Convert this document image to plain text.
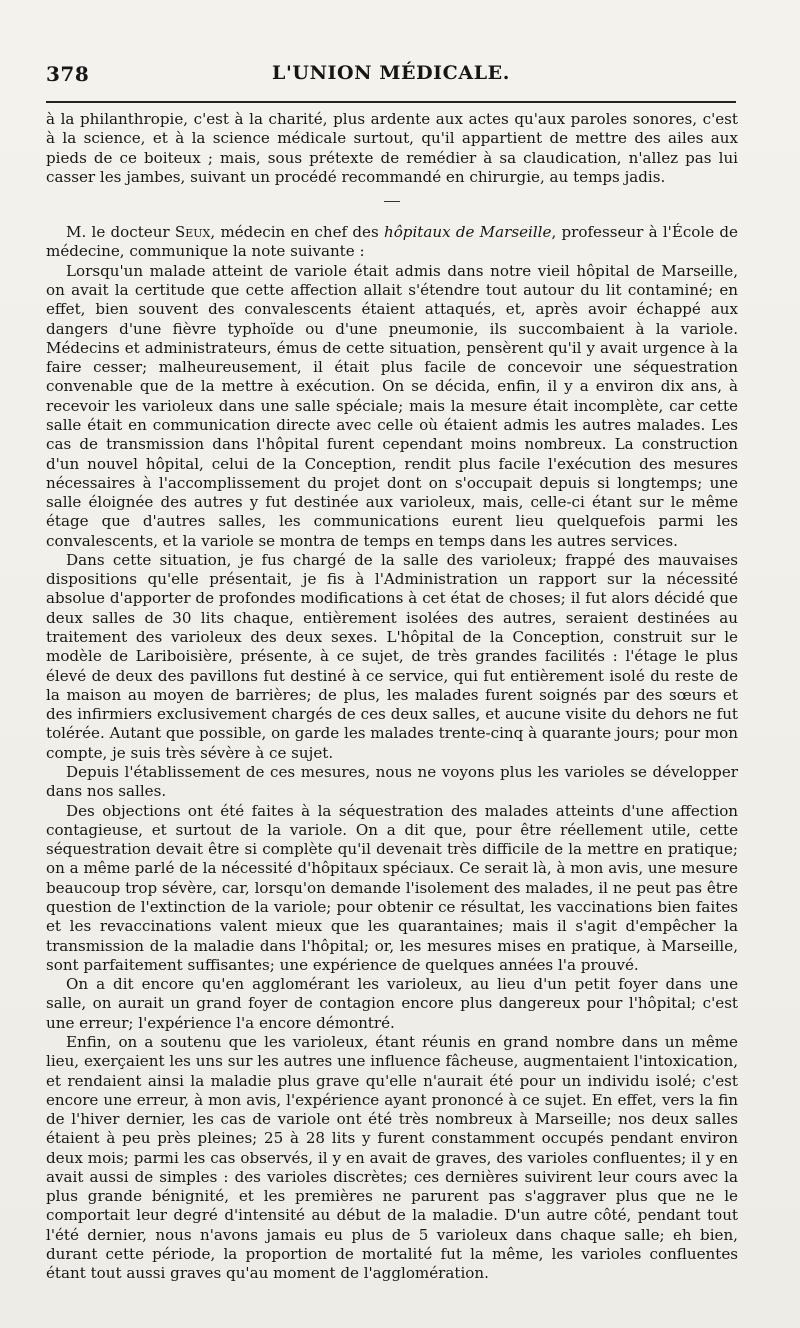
378	L'UNION MÉDICALE.

à la philanthropie, c'est à la charité, plus ardente aux actes qu'aux paroles sonores, c'est à la science, et à la science médicale surtout, qu'il appartient de mettre des ailes aux pieds de ce boiteux ; mais, sous prétexte de remédier à sa claudication, n'allez pas lui casser les jambes, suivant un procédé recommandé en chirurgie, au temps jadis.

M. le docteur Seux, médecin en chef des hôpitaux de Marseille, professeur à l'École de médecine, communique la note suivante :

Lorsqu'un malade atteint de variole était admis dans notre vieil hôpital de Marseille, on avait la certitude que cette affection allait s'étendre tout autour du lit contaminé; en effet, bien souvent des convalescents étaient attaqués, et, après avoir échappé aux dangers d'une fièvre typhoïde ou d'une pneumonie, ils succombaient à la variole. Médecins et administrateurs, émus de cette situation, pensèrent qu'il y avait urgence à la faire cesser; malheureusement, il était plus facile de concevoir une séquestration convenable que de la mettre à exécution. On se décida, enfin, il y a environ dix ans, à recevoir les varioleux dans une salle spéciale; mais la mesure était incomplète, car cette salle était en communication directe avec celle où étaient admis les autres malades. Les cas de transmission dans l'hôpital furent cependant moins nombreux. La construction d'un nouvel hôpital, celui de la Conception, rendit plus facile l'exécution des mesures nécessaires à l'accomplissement du projet dont on s'occupait depuis si longtemps; une salle éloignée des autres y fut destinée aux varioleux, mais, celle-ci étant sur le même étage que d'autres salles, les communications eurent lieu quelquefois parmi les convalescents, et la variole se montra de temps en temps dans les autres services.

Dans cette situation, je fus chargé de la salle des varioleux; frappé des mauvaises dispositions qu'elle présentait, je fis à l'Administration un rapport sur la nécessité absolue d'apporter de profondes modifications à cet état de choses; il fut alors décidé que deux salles de 30 lits chaque, entièrement isolées des autres, seraient destinées au traitement des varioleux des deux sexes. L'hôpital de la Conception, construit sur le modèle de Lariboisière, présente, à ce sujet, de très grandes facilités : l'étage le plus élevé de deux des pavillons fut destiné à ce service, qui fut entièrement isolé du reste de la maison au moyen de barrières; de plus, les malades furent soignés par des sœurs et des infirmiers exclusivement chargés de ces deux salles, et aucune visite du dehors ne fut tolérée. Autant que possible, on garde les malades trente-cinq à quarante jours; pour mon compte, je suis très sévère à ce sujet.

Depuis l'établissement de ces mesures, nous ne voyons plus les varioles se développer dans nos salles.

Des objections ont été faites à la séquestration des malades atteints d'une affection contagieuse, et surtout de la variole. On a dit que, pour être réellement utile, cette séquestration devait être si complète qu'il devenait très difficile de la mettre en pratique; on a même parlé de la nécessité d'hôpitaux spéciaux. Ce serait là, à mon avis, une mesure beaucoup trop sévère, car, lorsqu'on demande l'isolement des malades, il ne peut pas être question de l'extinction de la variole; pour obtenir ce résultat, les vaccinations bien faites et les revaccinations valent mieux que les quarantaines; mais il s'agit d'empêcher la transmission de la maladie dans l'hôpital; or, les mesures mises en pratique, à Marseille, sont parfaitement suffisantes; une expérience de quelques années l'a prouvé.

On a dit encore qu'en agglomérant les varioleux, au lieu d'un petit foyer dans une salle, on aurait un grand foyer de contagion encore plus dangereux pour l'hôpital; c'est une erreur; l'expérience l'a encore démontré.

Enfin, on a soutenu que les varioleux, étant réunis en grand nombre dans un même lieu, exerçaient les uns sur les autres une influence fâcheuse, augmentaient l'intoxication, et rendaient ainsi la maladie plus grave qu'elle n'aurait été pour un individu isolé; c'est encore une erreur, à mon avis, l'expérience ayant prononcé à ce sujet. En effet, vers la fin de l'hiver dernier, les cas de variole ont été très nombreux à Marseille; nos deux salles étaient à peu près pleines; 25 à 28 lits y furent constamment occupés pendant environ deux mois; parmi les cas observés, il y en avait de graves, des varioles confluentes; il y en avait aussi de simples : des varioles discrètes; ces dernières suivirent leur cours avec la plus grande bénignité, et les premières ne parurent pas s'aggraver plus que ne le comportait leur degré d'intensité au début de la maladie. D'un autre côté, pendant tout l'été dernier, nous n'avons jamais eu plus de 5 varioleux dans chaque salle; eh bien, durant cette période, la proportion de mortalité fut la même, les varioles confluentes étant tout aussi graves qu'au moment de l'agglomération.
